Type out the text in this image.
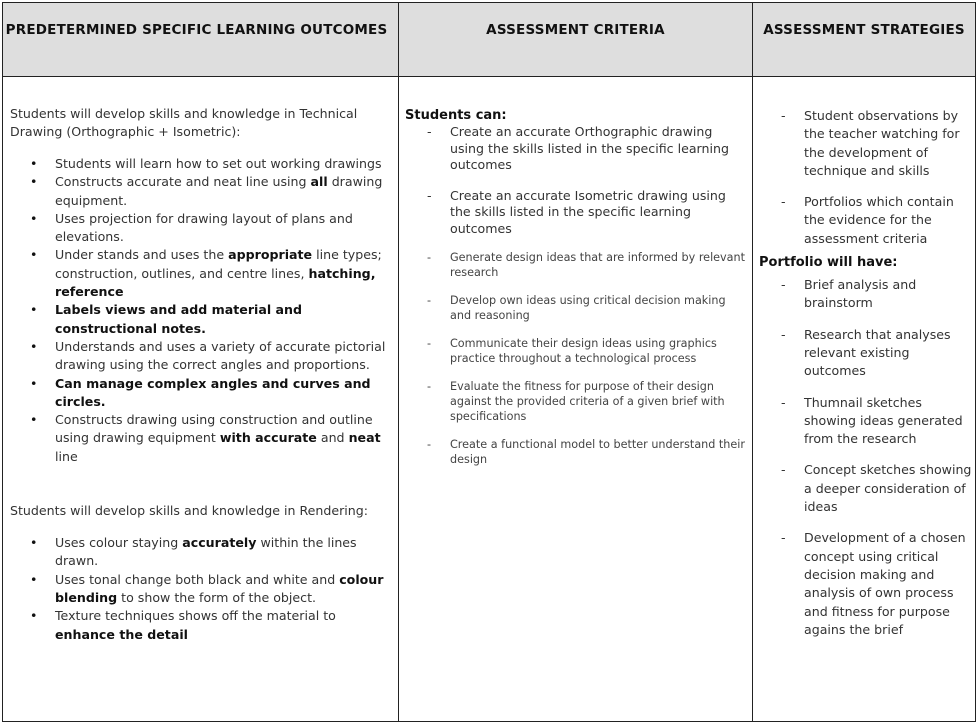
PREDETERMINED SPECIFIC LEARNING OUTCOMES	ASSESSMENT CRITERIA	ASSESSMENT STRATEGIES

Students will develop skills and knowledge in Technical Drawing (Orthographic + Isometric):

• Students will learn how to set out working drawings
• Constructs accurate and neat line using all drawing equipment.
• Uses projection for drawing layout of plans and elevations.
• Under stands and uses the appropriate line types; construction, outlines, and centre lines, hatching, reference
• Labels views and add material and constructional notes.
• Understands and uses a variety of accurate pictorial drawing using the correct angles and proportions.
• Can manage complex angles and curves and circles.
• Constructs drawing using construction and outline using drawing equipment with accurate and neat line

Students will develop skills and knowledge in Rendering:

• Uses colour staying accurately within the lines drawn.
• Uses tonal change both black and white and colour blending to show the form of the object.
• Texture techniques shows off the material to enhance the detail
Students can:
- Create an accurate Orthographic drawing using the skills listed in the specific learning outcomes
- Create an accurate Isometric drawing using the skills listed in the specific learning outcomes
- Generate design ideas that are informed by relevant research
- Develop own ideas using critical decision making and reasoning
- Communicate their design ideas using graphics practice throughout a technological process
- Evaluate the fitness for purpose of their design against the provided criteria of a given brief with specifications
- Create a functional model to better understand their design
- Student observations by the teacher watching for the development of technique and skills
- Portfolios which contain the evidence for the assessment criteria
Portfolio will have:
- Brief analysis and brainstorm
- Research that analyses relevant existing outcomes
- Thumnail sketches showing ideas generated from the research
- Concept sketches showing a deeper consideration of ideas
- Development of a chosen concept using critical decision making and analysis of own process and fitness for purpose agains the brief
